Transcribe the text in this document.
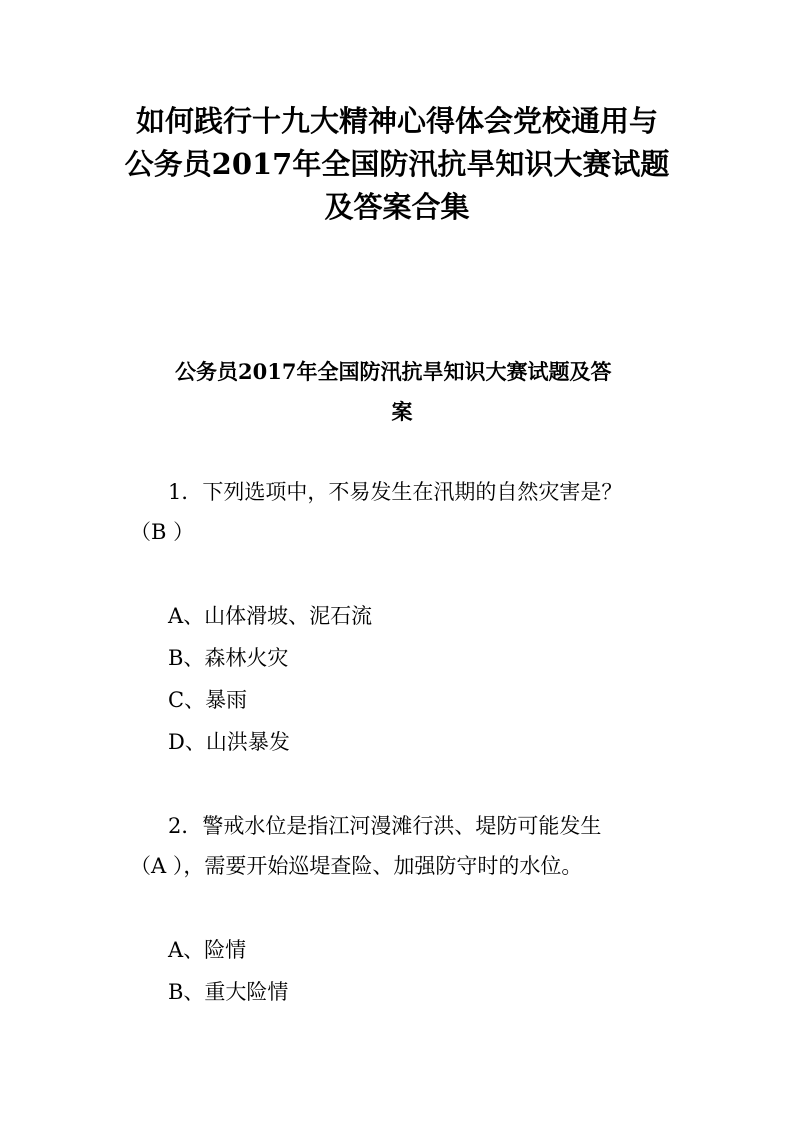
如何践行十九大精神心得体会党校通用与
公务员2017年全国防汛抗旱知识大赛试题
及答案合集
公务员2017年全国防汛抗旱知识大赛试题及答
案

1．下列选项中，不易发生在汛期的自然灾害是？
（B ）

A、山体滑坡、泥石流

B、森林火灾

C、暴雨

D、山洪暴发

2．警戒水位是指江河漫滩行洪、堤防可能发生
（A ），需要开始巡堤查险、加强防守时的水位。

A、险情

B、重大险情
